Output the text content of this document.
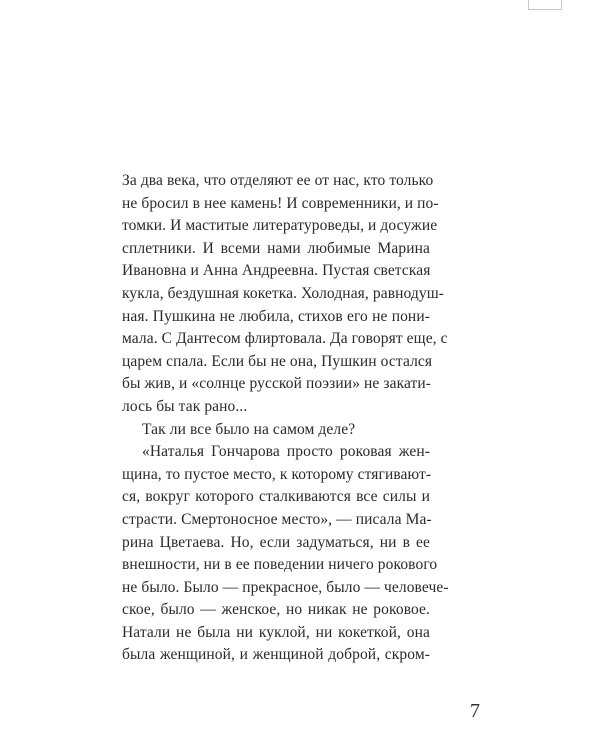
За два века, что отделяют ее от нас, кто только
не бросил в нее камень! И современники, и по-
томки. И маститые литературоведы, и досужие
сплетники. И всеми нами любимые Марина
Ивановна и Анна Андреевна. Пустая светская
кукла, бездушная кокетка. Холодная, равнодуш-
ная. Пушкина не любила, стихов его не пони-
мала. С Дантесом флиртовала. Да говорят еще, с
царем спала. Если бы не она, Пушкин остался
бы жив, и «солнце русской поэзии» не закати-
лось бы так рано...
Так ли все было на самом деле?
«Наталья Гончарова просто роковая жен-
щина, то пустое место, к которому стягивают-
ся, вокруг которого сталкиваются все силы и
страсти. Смертоносное место», — писала Ма-
рина Цветаева. Но, если задуматься, ни в ее
внешности, ни в ее поведении ничего рокового
не было. Было — прекрасное, было — человече-
ское, было — женское, но никак не роковое.
Натали не была ни куклой, ни кокеткой, она
была женщиной, и женщиной доброй, скром-
7
